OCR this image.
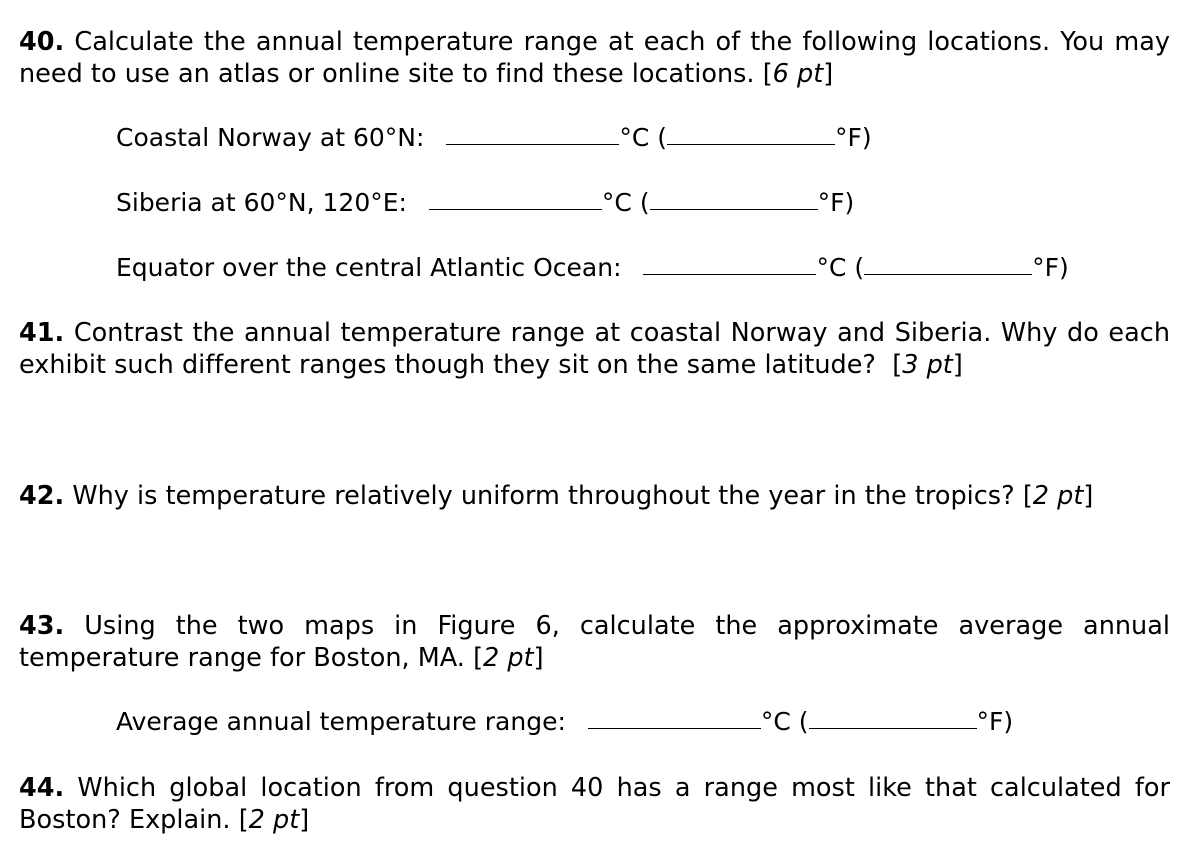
40. Calculate the annual temperature range at each of the following locations. You may need to use an atlas or online site to find these locations. [6 pt]
Coastal Norway at 60°N:	°C (	°F)
Siberia at 60°N, 120°E:	°C (	°F)
Equator over the central Atlantic Ocean:	°C (	°F)
41. Contrast the annual temperature range at coastal Norway and Siberia. Why do each exhibit such different ranges though they sit on the same latitude? [3 pt]
42. Why is temperature relatively uniform throughout the year in the tropics? [2 pt]
43. Using the two maps in Figure 6, calculate the approximate average annual temperature range for Boston, MA. [2 pt]
Average annual temperature range:	°C (	°F)
44. Which global location from question 40 has a range most like that calculated for Boston? Explain. [2 pt]
